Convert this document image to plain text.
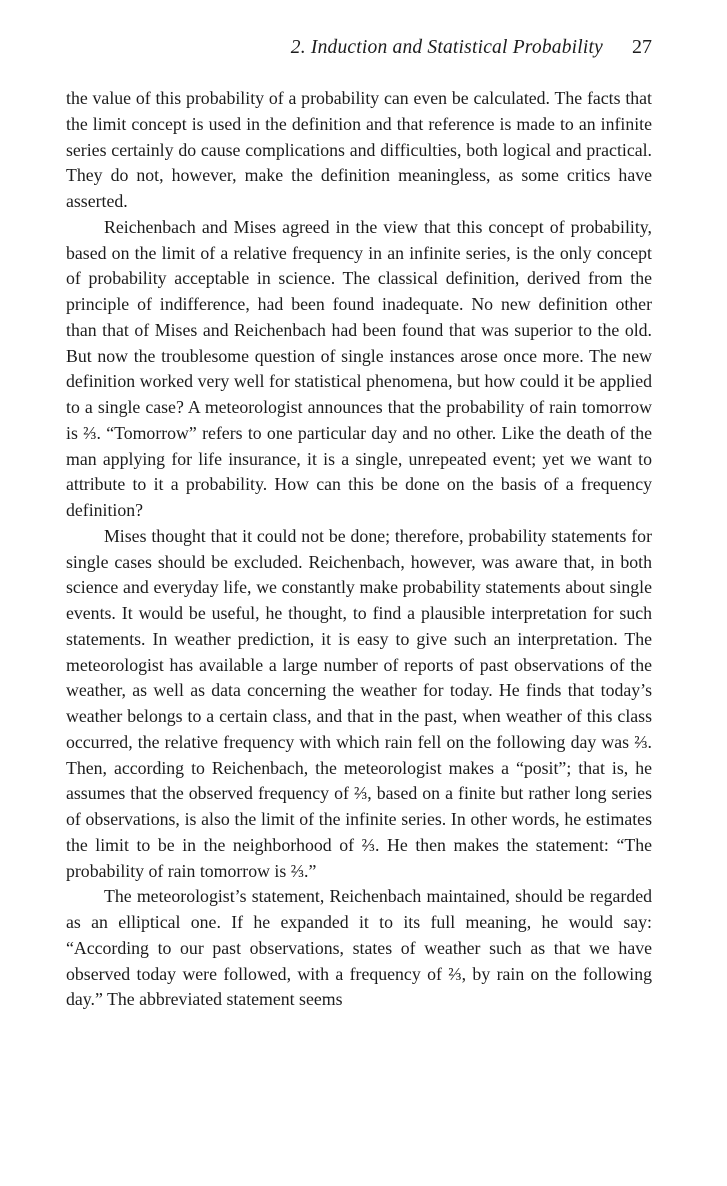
2. Induction and Statistical Probability 27

the value of this probability of a probability can even be calculated. The facts that the limit concept is used in the definition and that reference is made to an infinite series certainly do cause complications and difficulties, both logical and practical. They do not, however, make the definition meaningless, as some critics have asserted.

Reichenbach and Mises agreed in the view that this concept of probability, based on the limit of a relative frequency in an infinite series, is the only concept of probability acceptable in science. The classical definition, derived from the principle of indifference, had been found inadequate. No new definition other than that of Mises and Reichenbach had been found that was superior to the old. But now the troublesome question of single instances arose once more. The new definition worked very well for statistical phenomena, but how could it be applied to a single case? A meteorologist announces that the probability of rain tomorrow is ⅔. “Tomorrow” refers to one particular day and no other. Like the death of the man applying for life insurance, it is a single, unrepeated event; yet we want to attribute to it a probability. How can this be done on the basis of a frequency definition?

Mises thought that it could not be done; therefore, probability statements for single cases should be excluded. Reichenbach, however, was aware that, in both science and everyday life, we constantly make probability statements about single events. It would be useful, he thought, to find a plausible interpretation for such statements. In weather prediction, it is easy to give such an interpretation. The meteorologist has available a large number of reports of past observations of the weather, as well as data concerning the weather for today. He finds that today’s weather belongs to a certain class, and that in the past, when weather of this class occurred, the relative frequency with which rain fell on the following day was ⅔. Then, according to Reichenbach, the meteorologist makes a “posit”; that is, he assumes that the observed frequency of ⅔, based on a finite but rather long series of observations, is also the limit of the infinite series. In other words, he estimates the limit to be in the neighborhood of ⅔. He then makes the statement: “The probability of rain tomorrow is ⅔.”

The meteorologist’s statement, Reichenbach maintained, should be regarded as an elliptical one. If he expanded it to its full meaning, he would say: “According to our past observations, states of weather such as that we have observed today were followed, with a frequency of ⅔, by rain on the following day.” The abbreviated statement seems
